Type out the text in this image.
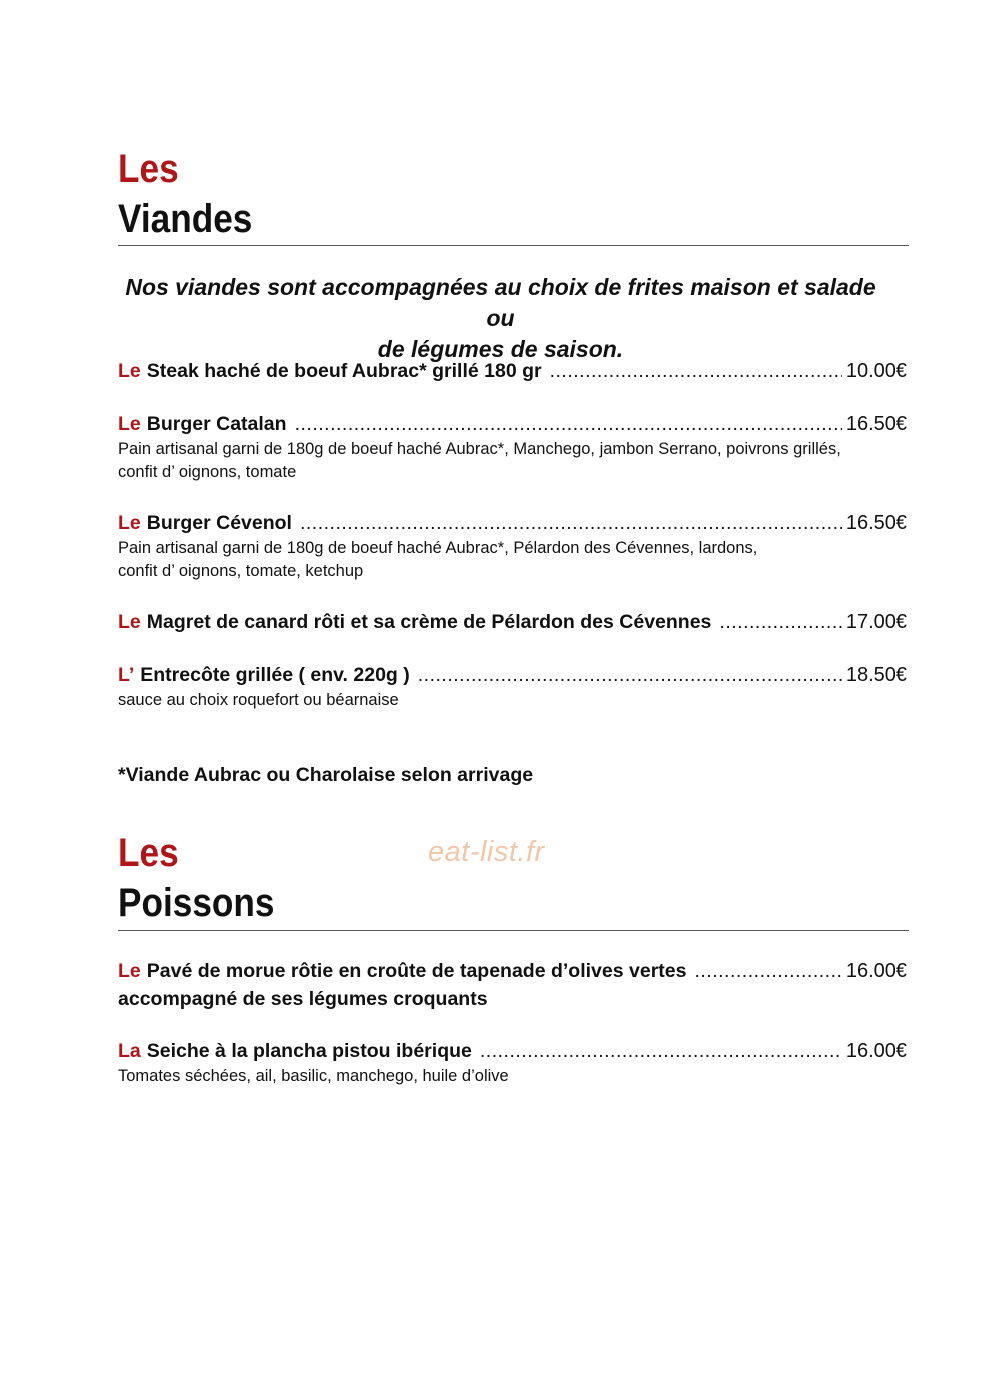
Les
Viandes
Nos viandes sont accompagnées au choix de frites maison et salade ou
de légumes de saison.
Le Steak haché de boeuf Aubrac* grillé 180 gr .....	10.00€
Le Burger Catalan .....	16.50€
Pain artisanal garni de 180g de boeuf haché Aubrac*, Manchego, jambon Serrano, poivrons grillés,
confit d’ oignons, tomate
Le Burger Cévenol .....	16.50€
Pain artisanal garni de 180g de boeuf haché Aubrac*, Pélardon des Cévennes, lardons,
confit d’ oignons, tomate, ketchup
Le Magret de canard rôti et sa crème de Pélardon des Cévennes .....	17.00€
L’ Entrecôte grillée ( env. 220g ) .....	18.50€
sauce au choix roquefort ou béarnaise
*Viande Aubrac ou Charolaise selon arrivage
Les
Poissons
eat-list.fr
Le Pavé de morue rôtie en croûte de tapenade d’olives vertes .....	16.00€
accompagné de ses légumes croquants
La Seiche à la plancha pistou ibérique .....	16.00€
Tomates séchées, ail, basilic, manchego, huile d’olive
